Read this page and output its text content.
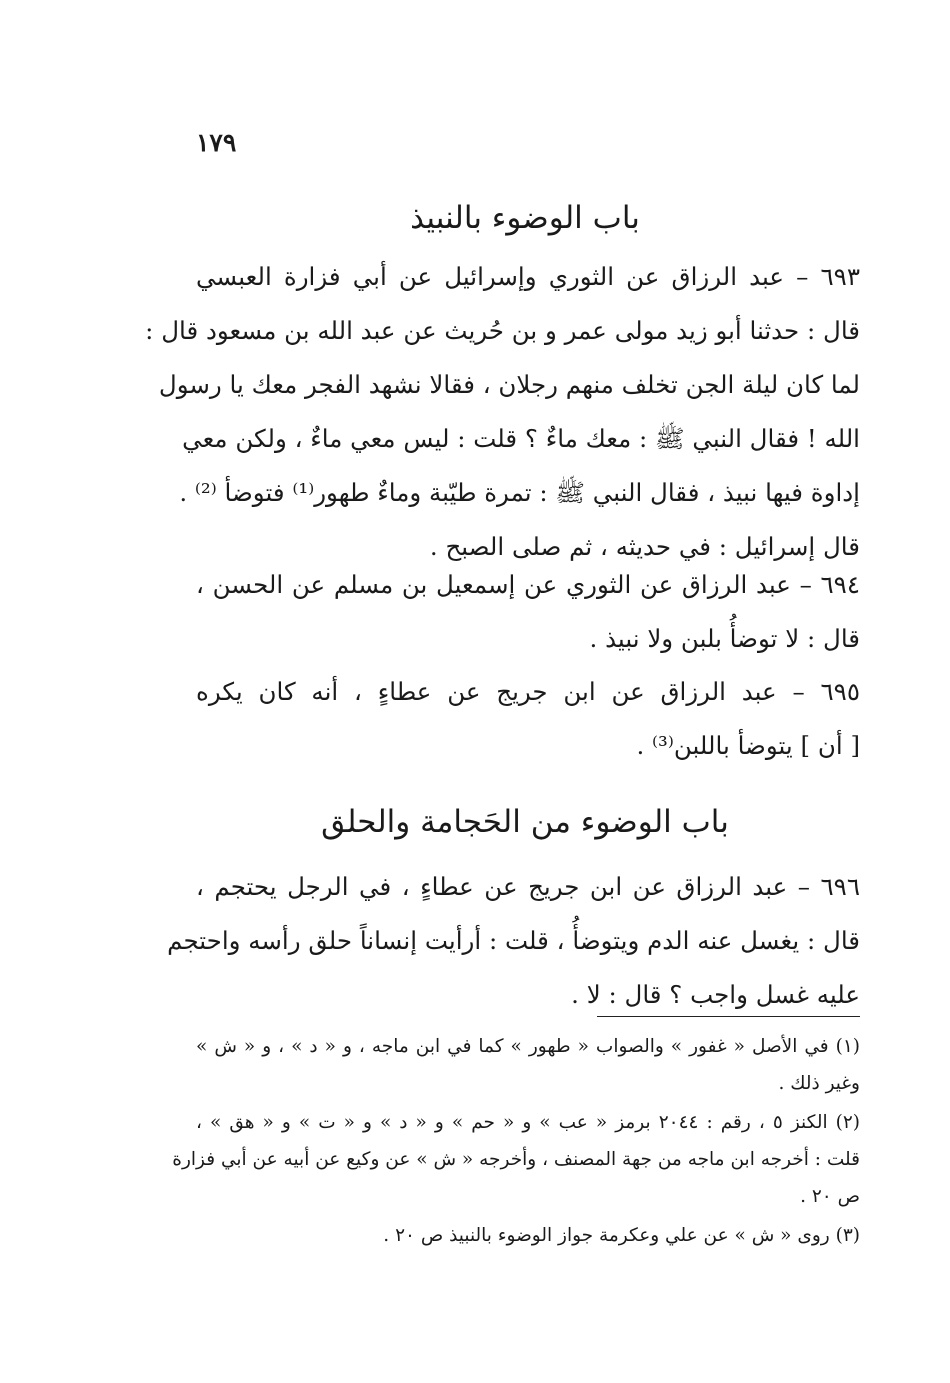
١٧٩
باب الوضوء بالنبيذ
٦٩٣ – عبد الرزاق عن الثوري وإسرائيل عن أبي فزارة العبسي
قال : حدثنا أبو زيد مولى عمر و بن حُريث عن عبد الله بن مسعود قال :
لما كان ليلة الجن تخلف منهم رجلان ، فقالا نشهد الفجر معك يا رسول
الله ! فقال النبي ﷺ : معك ماءٌ ؟ قلت : ليس معي ماءٌ ، ولكن معي
إداوة فيها نبيذ ، فقال النبي ﷺ : تمرة طيّبة وماءٌ طهور⁽¹⁾ فتوضأ ⁽²⁾ .
قال إسرائيل : في حديثه ، ثم صلى الصبح .
٦٩٤ – عبد الرزاق عن الثوري عن إسمعيل بن مسلم عن الحسن ،
قال : لا توضأُ بلبن ولا نبيذ .
٦٩٥ – عبد الرزاق عن ابن جريج عن عطاءٍ ، أنه كان يكره
[ أن ] يتوضأ باللبن⁽³⁾ .
باب الوضوء من الحَجامة والحلق
٦٩٦ – عبد الرزاق عن ابن جريج عن عطاءٍ ، في الرجل يحتجم ،
قال : يغسل عنه الدم ويتوضأُ ، قلت : أرأيت إنساناً حلق رأسه واحتجم
عليه غسل واجب ؟ قال : لا .
(١) في الأصل « غفور » والصواب « طهور » كما في ابن ماجه ، و « د » ، و « ش »
وغير ذلك .
(٢) الكنز ٥ ، رقم : ٢٠٤٤ برمز « عب » و « حم » و « د » و « ت » و « هق » ،
قلت : أخرجه ابن ماجه من جهة المصنف ، وأخرجه « ش » عن وكيع عن أبيه عن أبي فزارة
ص ٢٠ .
(٣) روى « ش » عن علي وعكرمة جواز الوضوء بالنبيذ ص ٢٠ .
